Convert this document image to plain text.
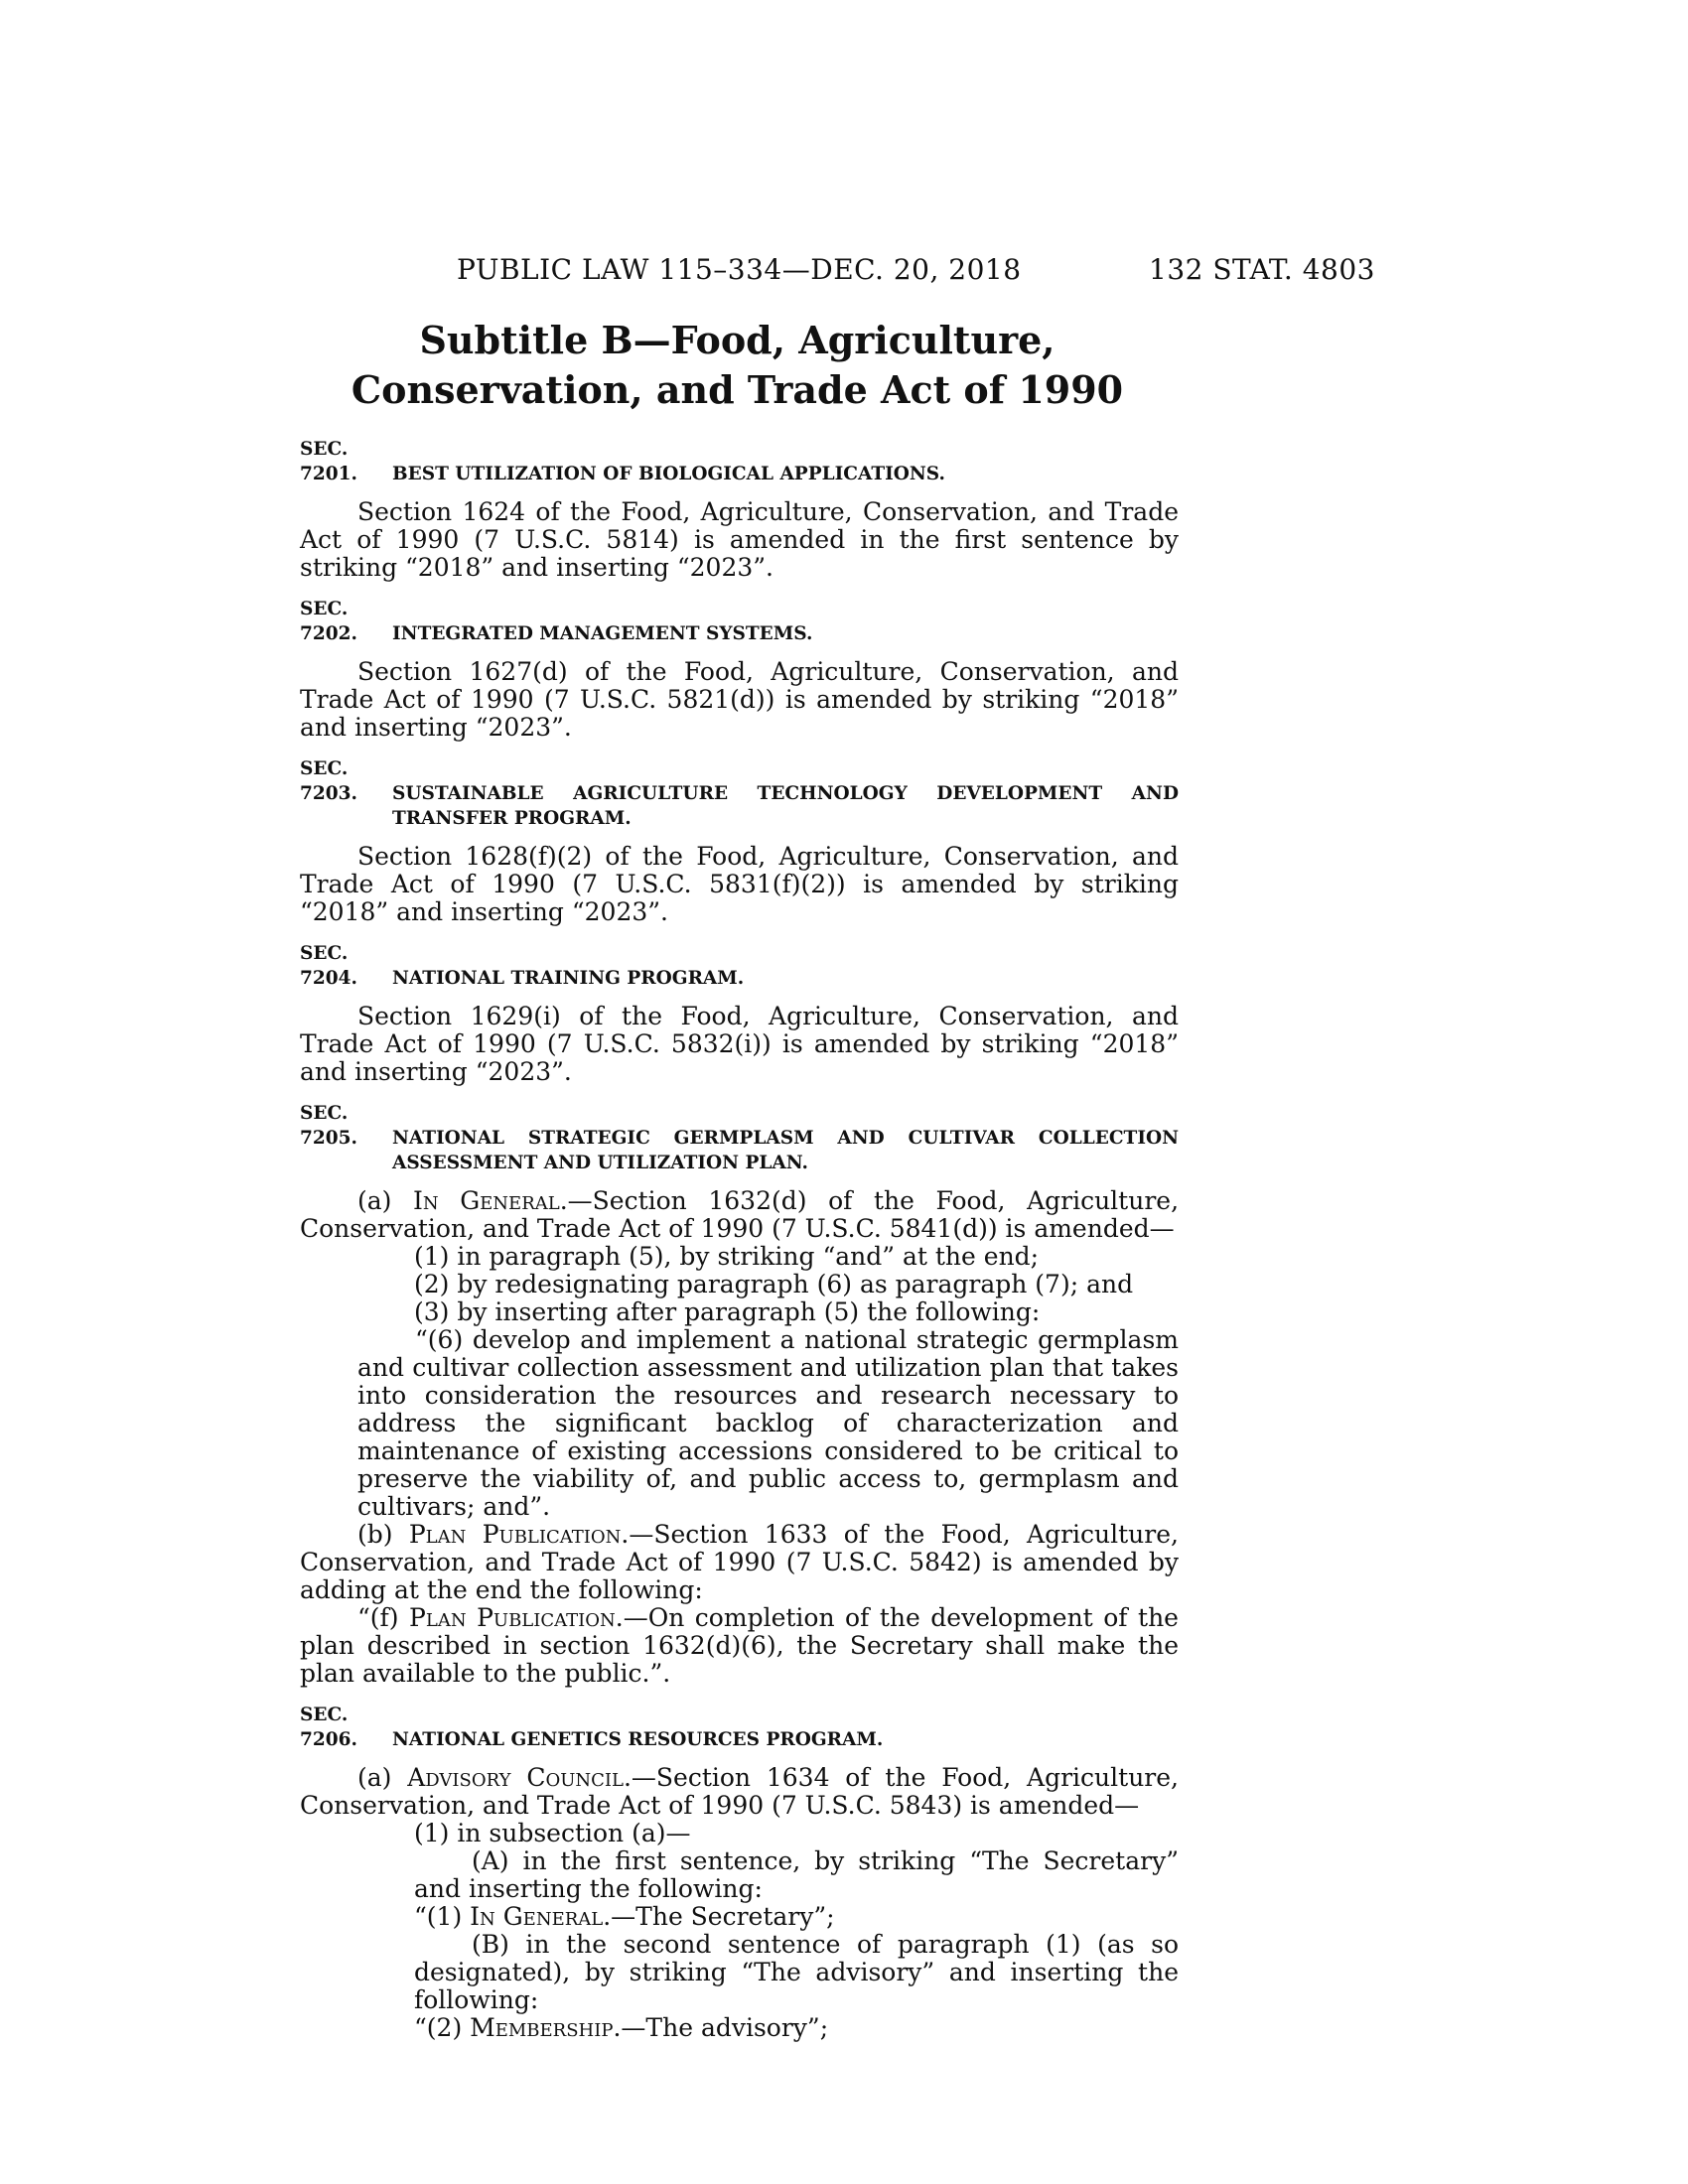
PUBLIC LAW 115–334—DEC. 20, 2018	132 STAT. 4803
Subtitle B—Food, Agriculture,
Conservation, and Trade Act of 1990
SEC. 7201. BEST UTILIZATION OF BIOLOGICAL APPLICATIONS.

Section 1624 of the Food, Agriculture, Conservation, and Trade Act of 1990 (7 U.S.C. 5814) is amended in the first sentence by striking “2018” and inserting “2023”.

SEC. 7202. INTEGRATED MANAGEMENT SYSTEMS.

Section 1627(d) of the Food, Agriculture, Conservation, and Trade Act of 1990 (7 U.S.C. 5821(d)) is amended by striking “2018” and inserting “2023”.

SEC. 7203. SUSTAINABLE AGRICULTURE TECHNOLOGY DEVELOPMENT AND TRANSFER PROGRAM.

Section 1628(f)(2) of the Food, Agriculture, Conservation, and Trade Act of 1990 (7 U.S.C. 5831(f)(2)) is amended by striking “2018” and inserting “2023”.

SEC. 7204. NATIONAL TRAINING PROGRAM.

Section 1629(i) of the Food, Agriculture, Conservation, and Trade Act of 1990 (7 U.S.C. 5832(i)) is amended by striking “2018” and inserting “2023”.

SEC. 7205. NATIONAL STRATEGIC GERMPLASM AND CULTIVAR COLLECTION ASSESSMENT AND UTILIZATION PLAN.

(a) In General.—Section 1632(d) of the Food, Agriculture, Conservation, and Trade Act of 1990 (7 U.S.C. 5841(d)) is amended—

(1) in paragraph (5), by striking “and” at the end;

(2) by redesignating paragraph (6) as paragraph (7); and

(3) by inserting after paragraph (5) the following:

“(6) develop and implement a national strategic germplasm and cultivar collection assessment and utilization plan that takes into consideration the resources and research necessary to address the significant backlog of characterization and maintenance of existing accessions considered to be critical to preserve the viability of, and public access to, germplasm and cultivars; and”.

(b) Plan Publication.—Section 1633 of the Food, Agriculture, Conservation, and Trade Act of 1990 (7 U.S.C. 5842) is amended by adding at the end the following:

“(f) Plan Publication.—On completion of the development of the plan described in section 1632(d)(6), the Secretary shall make the plan available to the public.”.

SEC. 7206. NATIONAL GENETICS RESOURCES PROGRAM.

(a) Advisory Council.—Section 1634 of the Food, Agriculture, Conservation, and Trade Act of 1990 (7 U.S.C. 5843) is amended—

(1) in subsection (a)—

(A) in the first sentence, by striking “The Secretary” and inserting the following:

“(1) In General.—The Secretary”;

(B) in the second sentence of paragraph (1) (as so designated), by striking “The advisory” and inserting the following:

“(2) Membership.—The advisory”;
